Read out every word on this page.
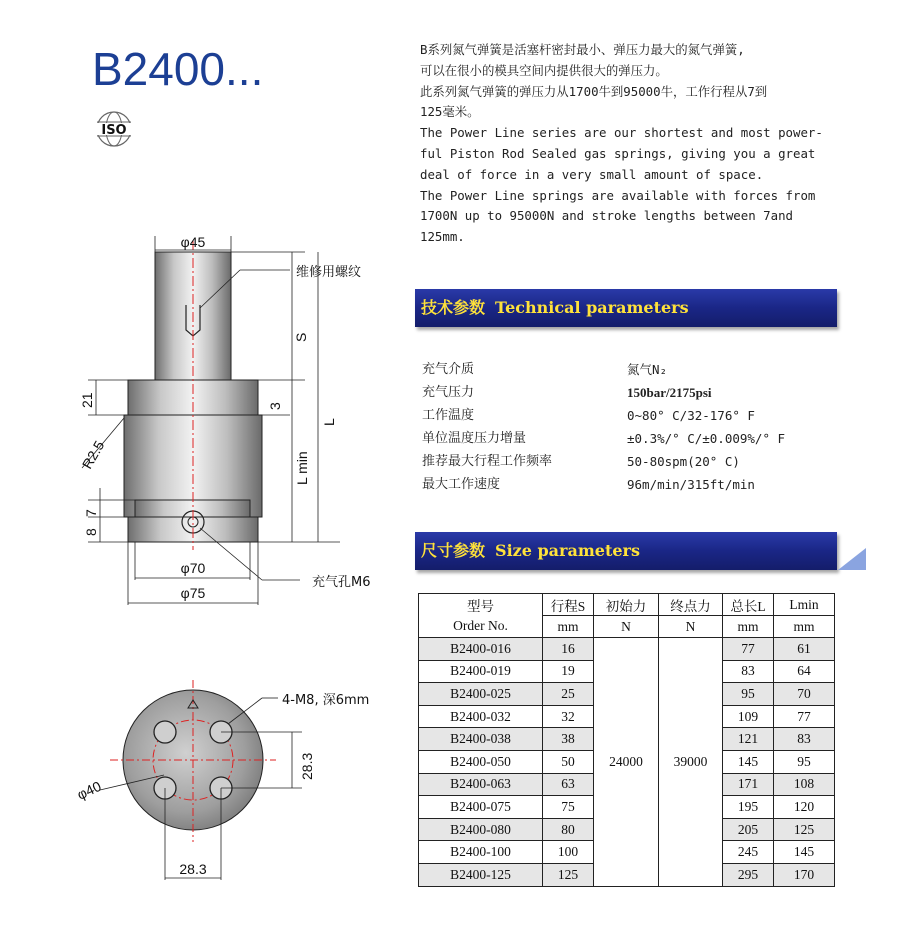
B2400...
ISO
B系列氮气弹簧是活塞杆密封最小、弹压力最大的氮气弹簧,
可以在很小的模具空间内提供很大的弹压力。
此系列氮气弹簧的弹压力从1700牛到95000牛，工作行程从7到
125毫米。
The Power Line series are our shortest and most power-
ful Piston Rod Sealed gas springs, giving you a great
deal of force in a very small amount of space.
The Power Line springs are available with forces from
1700N up to 95000N and stroke lengths between 7and
125mm.
技术参数 Technical parameters
充气介质	氮气N₂
充气压力	150bar/2175psi
工作温度	0~80° C/32-176° F
单位温度压力增量	±0.3%/° C/±0.009%/° F
推荐最大行程工作频率	50-80spm(20° C)
最大工作速度	96m/min/315ft/min
尺寸参数 Size parameters
型号	行程S	初始力	终点力	总长L	Lmin
Order No.	mm	N	N	mm	mm
B2400-016	16	24000	39000	77	61
B2400-019	19			83	64
B2400-025	25			95	70
B2400-032	32			109	77
B2400-038	38			121	83
B2400-050	50			145	95
B2400-063	63			171	108
B2400-075	75			195	120
B2400-080	80			205	125
B2400-100	100			245	145
B2400-125	125			295	170
φ45
维修用螺纹
S
L
L min
3
21
R2.5
7
8
φ70
φ75
充气孔M6
4-M8, 深6mm
28.3
φ40
28.3
